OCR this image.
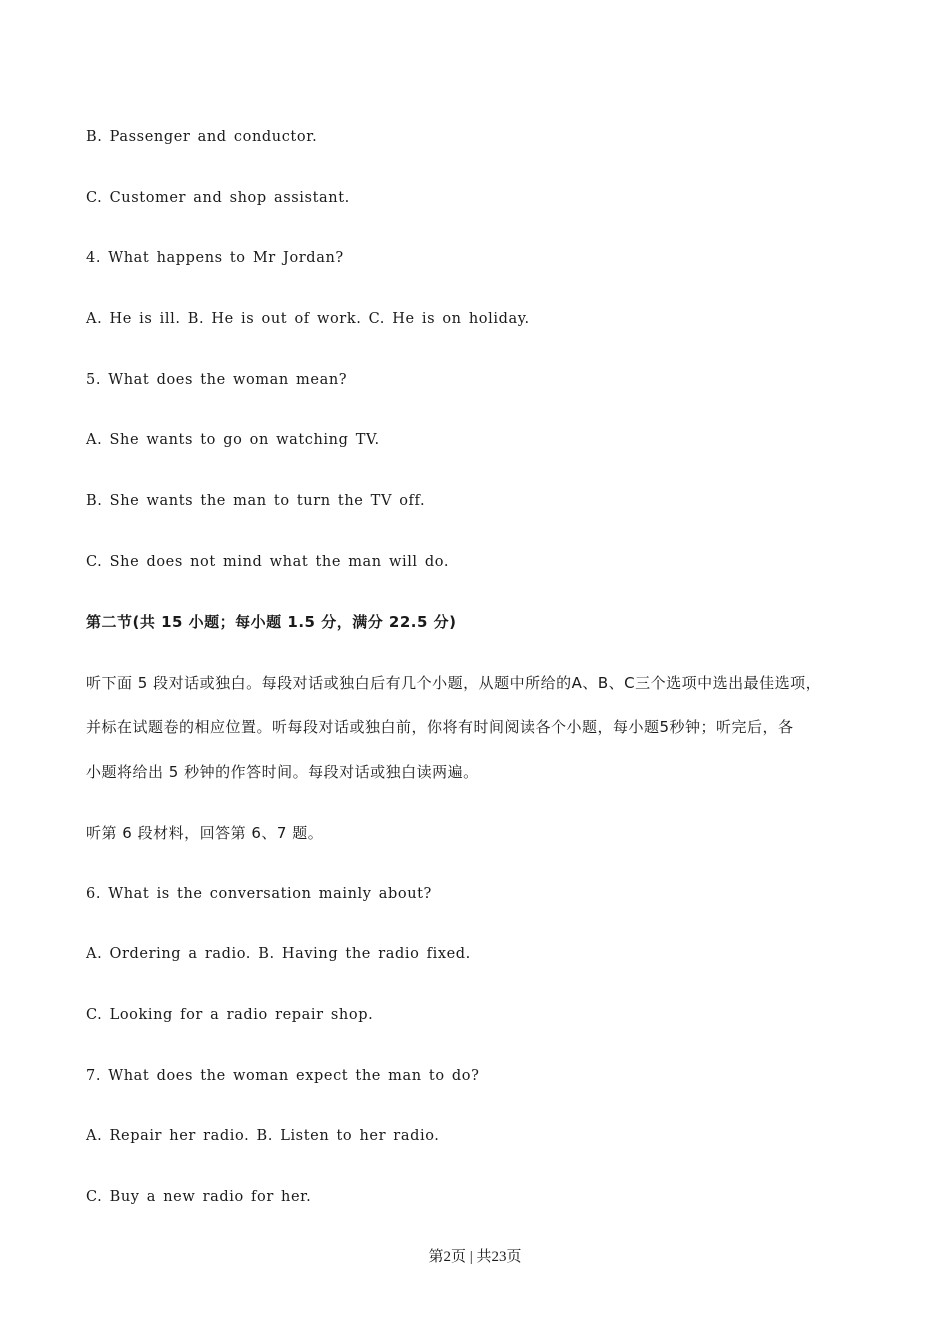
B. Passenger and conductor.
C. Customer and shop assistant.
4. What happens to Mr Jordan?
A. He is ill. B. He is out of work. C. He is on holiday.
5. What does the woman mean?
A. She wants to go on watching TV.
B. She wants the man to turn the TV off.
C. She does not mind what the man will do.
第二节(共 15 小题；每小题 1.5 分，满分 22.5 分)
听下面 5 段对话或独白。每段对话或独白后有几个小题，从题中所给的A、B、C三个选项中选出最佳选项，
并标在试题卷的相应位置。听每段对话或独白前，你将有时间阅读各个小题，每小题5秒钟；听完后，各
小题将给出 5 秒钟的作答时间。每段对话或独白读两遍。
听第 6 段材料，回答第 6、7 题。
6. What is the conversation mainly about?
A. Ordering a radio. B. Having the radio fixed.
C. Looking for a radio repair shop.
7. What does the woman expect the man to do?
A. Repair her radio. B. Listen to her radio.
C. Buy a new radio for her.
第2页 | 共23页
